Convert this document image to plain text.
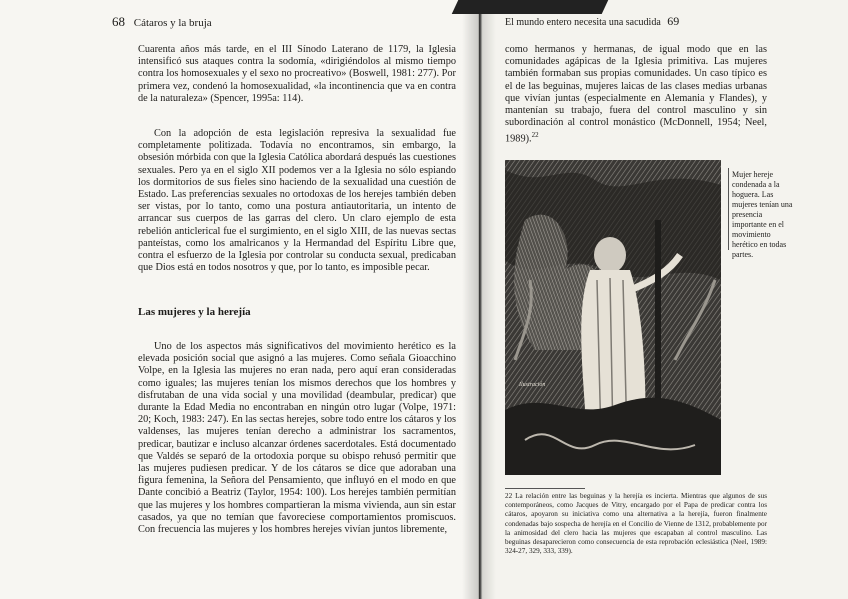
68 Cátaros y la bruja

Cuarenta años más tarde, en el III Sínodo Laterano de 1179, la Iglesia intensificó sus ataques contra la sodomía, «dirigiéndolos al mismo tiempo contra los homosexuales y el sexo no procreativo» (Boswell, 1981: 277). Por primera vez, condenó la homosexualidad, «la incontinencia que va en contra de la naturaleza» (Spencer, 1995a: 114).

Con la adopción de esta legislación represiva la sexualidad fue completamente politizada. Todavía no encontramos, sin embargo, la obsesión mórbida con que la Iglesia Católica abordará después las cuestiones sexuales. Pero ya en el siglo XII podemos ver a la Iglesia no sólo espiando los dormitorios de sus fieles sino haciendo de la sexualidad una cuestión de Estado. Las preferencias sexuales no ortodoxas de los herejes también deben ser vistas, por lo tanto, como una postura antiautoritaria, un intento de arrancar sus cuerpos de las garras del clero. Un claro ejemplo de esta rebelión anticlerical fue el surgimiento, en el siglo XIII, de las nuevas sectas panteístas, como los amalricanos y la Hermandad del Espíritu Libre que, contra el esfuerzo de la Iglesia por controlar su conducta sexual, predicaban que Dios está en todos nosotros y que, por lo tanto, es imposible pecar.

Las mujeres y la herejía

Uno de los aspectos más significativos del movimiento herético es la elevada posición social que asignó a las mujeres. Como señala Gioacchino Volpe, en la Iglesia las mujeres no eran nada, pero aquí eran consideradas como iguales; las mujeres tenían los mismos derechos que los hombres y disfrutaban de una vida social y una movilidad (deambular, predicar) que durante la Edad Media no encontraban en ningún otro lugar (Volpe, 1971: 20; Koch, 1983: 247). En las sectas herejes, sobre todo entre los cátaros y los valdenses, las mujeres tenían derecho a administrar los sacramentos, predicar, bautizar e incluso alcanzar órdenes sacerdotales. Está documentado que Valdés se separó de la ortodoxia porque su obispo rehusó permitir que las mujeres pudiesen predicar. Y de los cátaros se dice que adoraban una figura femenina, la Señora del Pensamiento, que influyó en el modo en que Dante concibió a Beatriz (Taylor, 1954: 100). Los herejes también permitían que las mujeres y los hombres compartieran la misma vivienda, aun sin estar casados, ya que no temían que favoreciese comportamientos promiscuos. Con frecuencia las mujeres y los hombres herejes vivían juntos libremente,

El mundo entero necesita una sacudida 69

como hermanos y hermanas, de igual modo que en las comunidades agápicas de la Iglesia primitiva. Las mujeres también formaban sus propias comunidades. Un caso típico es el de las beguinas, mujeres laicas de las clases medias urbanas que vivían juntas (especialmente en Alemania y Flandes), y mantenían su trabajo, fuera del control masculino y sin subordinación al control monástico (McDonnell, 1954; Neel, 1989).$^{22}$

Ilustración

Mujer hereje condenada a la hoguera. Las mujeres tenían una presencia importante en el movimiento herético en todas partes.

22 La relación entre las beguinas y la herejía es incierta. Mientras que algunos de sus contemporáneos, como Jacques de Vitry, encargado por el Papa de predicar contra los cátaros, apoyaron su iniciativa como una alternativa a la herejía, fueron finalmente condenadas bajo sospecha de herejía en el Concilio de Vienne de 1312, probablemente por la animosidad del clero hacia las mujeres que escapaban al control masculino. Las beguinas desaparecieron como consecuencia de esta reprobación eclesiástica (Neel, 1989: 324-27, 329, 333, 339).
